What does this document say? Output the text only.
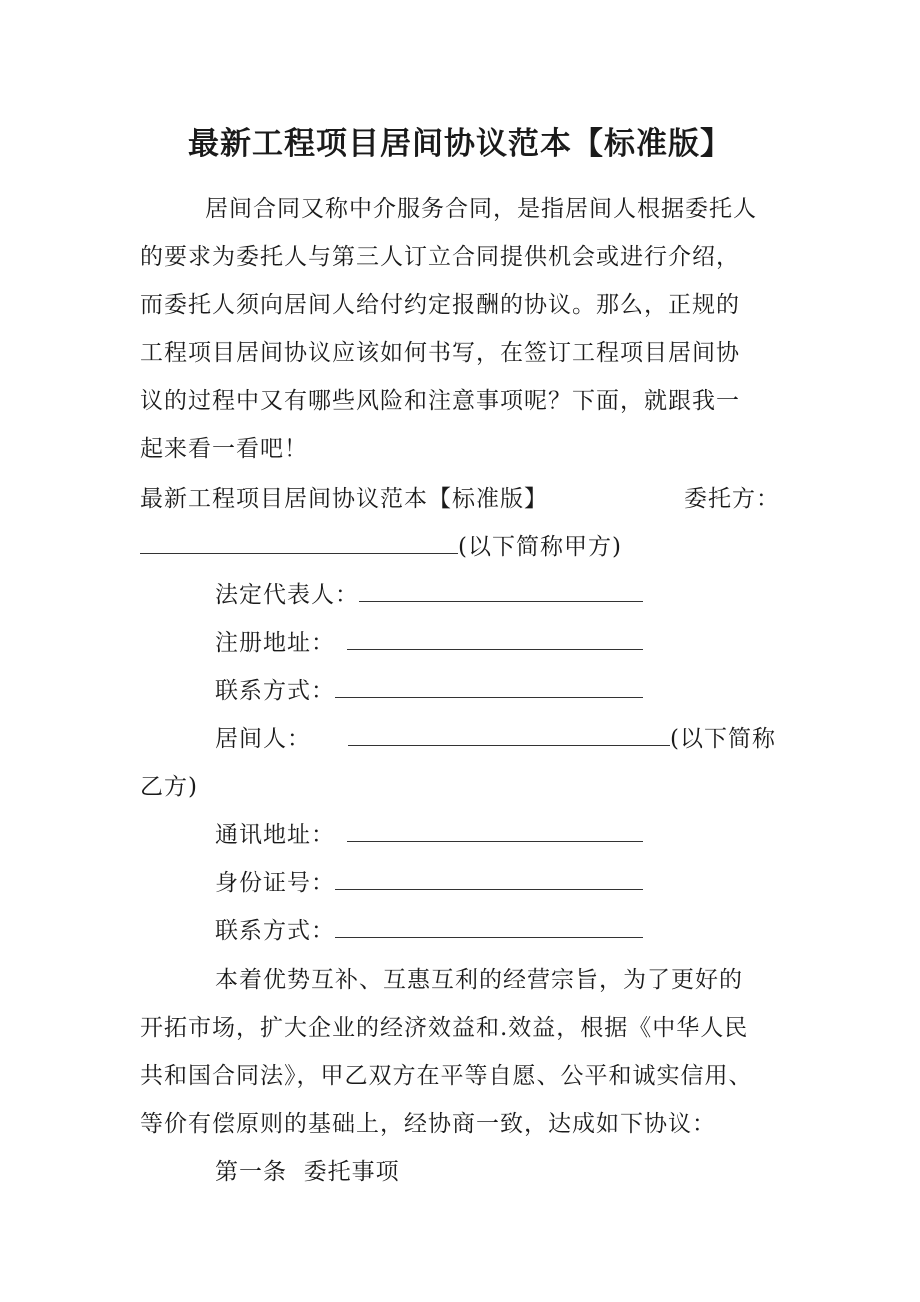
最新工程项目居间协议范本【标准版】
居间合同又称中介服务合同，是指居间人根据委托人
的要求为委托人与第三人订立合同提供机会或进行介绍，
而委托人须向居间人给付约定报酬的协议。那么，正规的
工程项目居间协议应该如何书写，在签订工程项目居间协
议的过程中又有哪些风险和注意事项呢？下面，就跟我一
起来看一看吧！
最新工程项目居间协议范本【标准版】	委托方：
(以下简称甲方)
法定代表人：
注册地址：
联系方式：
居间人：	(以下简称
乙方)
通讯地址：
身份证号：
联系方式：
本着优势互补、互惠互利的经营宗旨，为了更好的
开拓市场，扩大企业的经济效益和.效益，根据《中华人民
共和国合同法》，甲乙双方在平等自愿、公平和诚实信用、
等价有偿原则的基础上，经协商一致，达成如下协议：
第一条  委托事项
